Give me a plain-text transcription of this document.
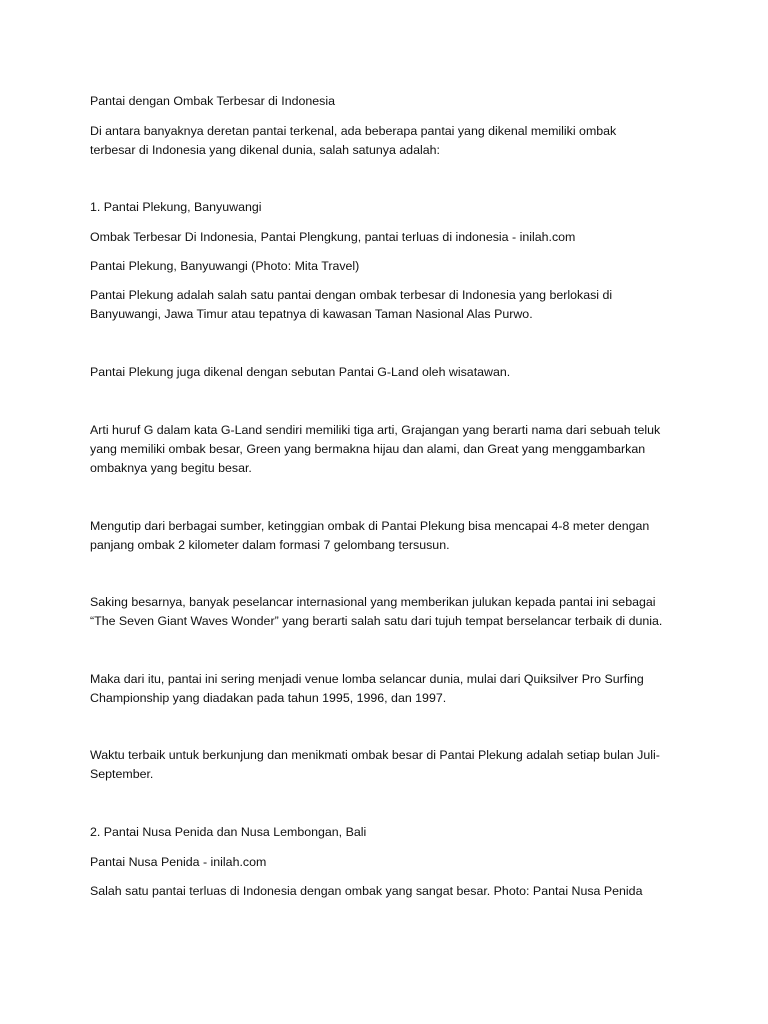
Pantai dengan Ombak Terbesar di Indonesia

Di antara banyaknya deretan pantai terkenal, ada beberapa pantai yang dikenal memiliki ombak

terbesar di Indonesia yang dikenal dunia, salah satunya adalah:

1. Pantai Plekung, Banyuwangi

Ombak Terbesar Di Indonesia, Pantai Plengkung, pantai terluas di indonesia - inilah.com

Pantai Plekung, Banyuwangi (Photo: Mita Travel)

Pantai Plekung adalah salah satu pantai dengan ombak terbesar di Indonesia yang berlokasi di

Banyuwangi, Jawa Timur atau tepatnya di kawasan Taman Nasional Alas Purwo.

Pantai Plekung juga dikenal dengan sebutan Pantai G-Land oleh wisatawan.

Arti huruf G dalam kata G-Land sendiri memiliki tiga arti, Grajangan yang berarti nama dari sebuah teluk

yang memiliki ombak besar, Green yang bermakna hijau dan alami, dan Great yang menggambarkan

ombaknya yang begitu besar.

Mengutip dari berbagai sumber, ketinggian ombak di Pantai Plekung bisa mencapai 4-8 meter dengan

panjang ombak 2 kilometer dalam formasi 7 gelombang tersusun.

Saking besarnya, banyak peselancar internasional yang memberikan julukan kepada pantai ini sebagai

“The Seven Giant Waves Wonder” yang berarti salah satu dari tujuh tempat berselancar terbaik di dunia.

Maka dari itu, pantai ini sering menjadi venue lomba selancar dunia, mulai dari Quiksilver Pro Surfing

Championship yang diadakan pada tahun 1995, 1996, dan 1997.

Waktu terbaik untuk berkunjung dan menikmati ombak besar di Pantai Plekung adalah setiap bulan Juli-

September.

2. Pantai Nusa Penida dan Nusa Lembongan, Bali

Pantai Nusa Penida - inilah.com

Salah satu pantai terluas di Indonesia dengan ombak yang sangat besar. Photo: Pantai Nusa Penida
